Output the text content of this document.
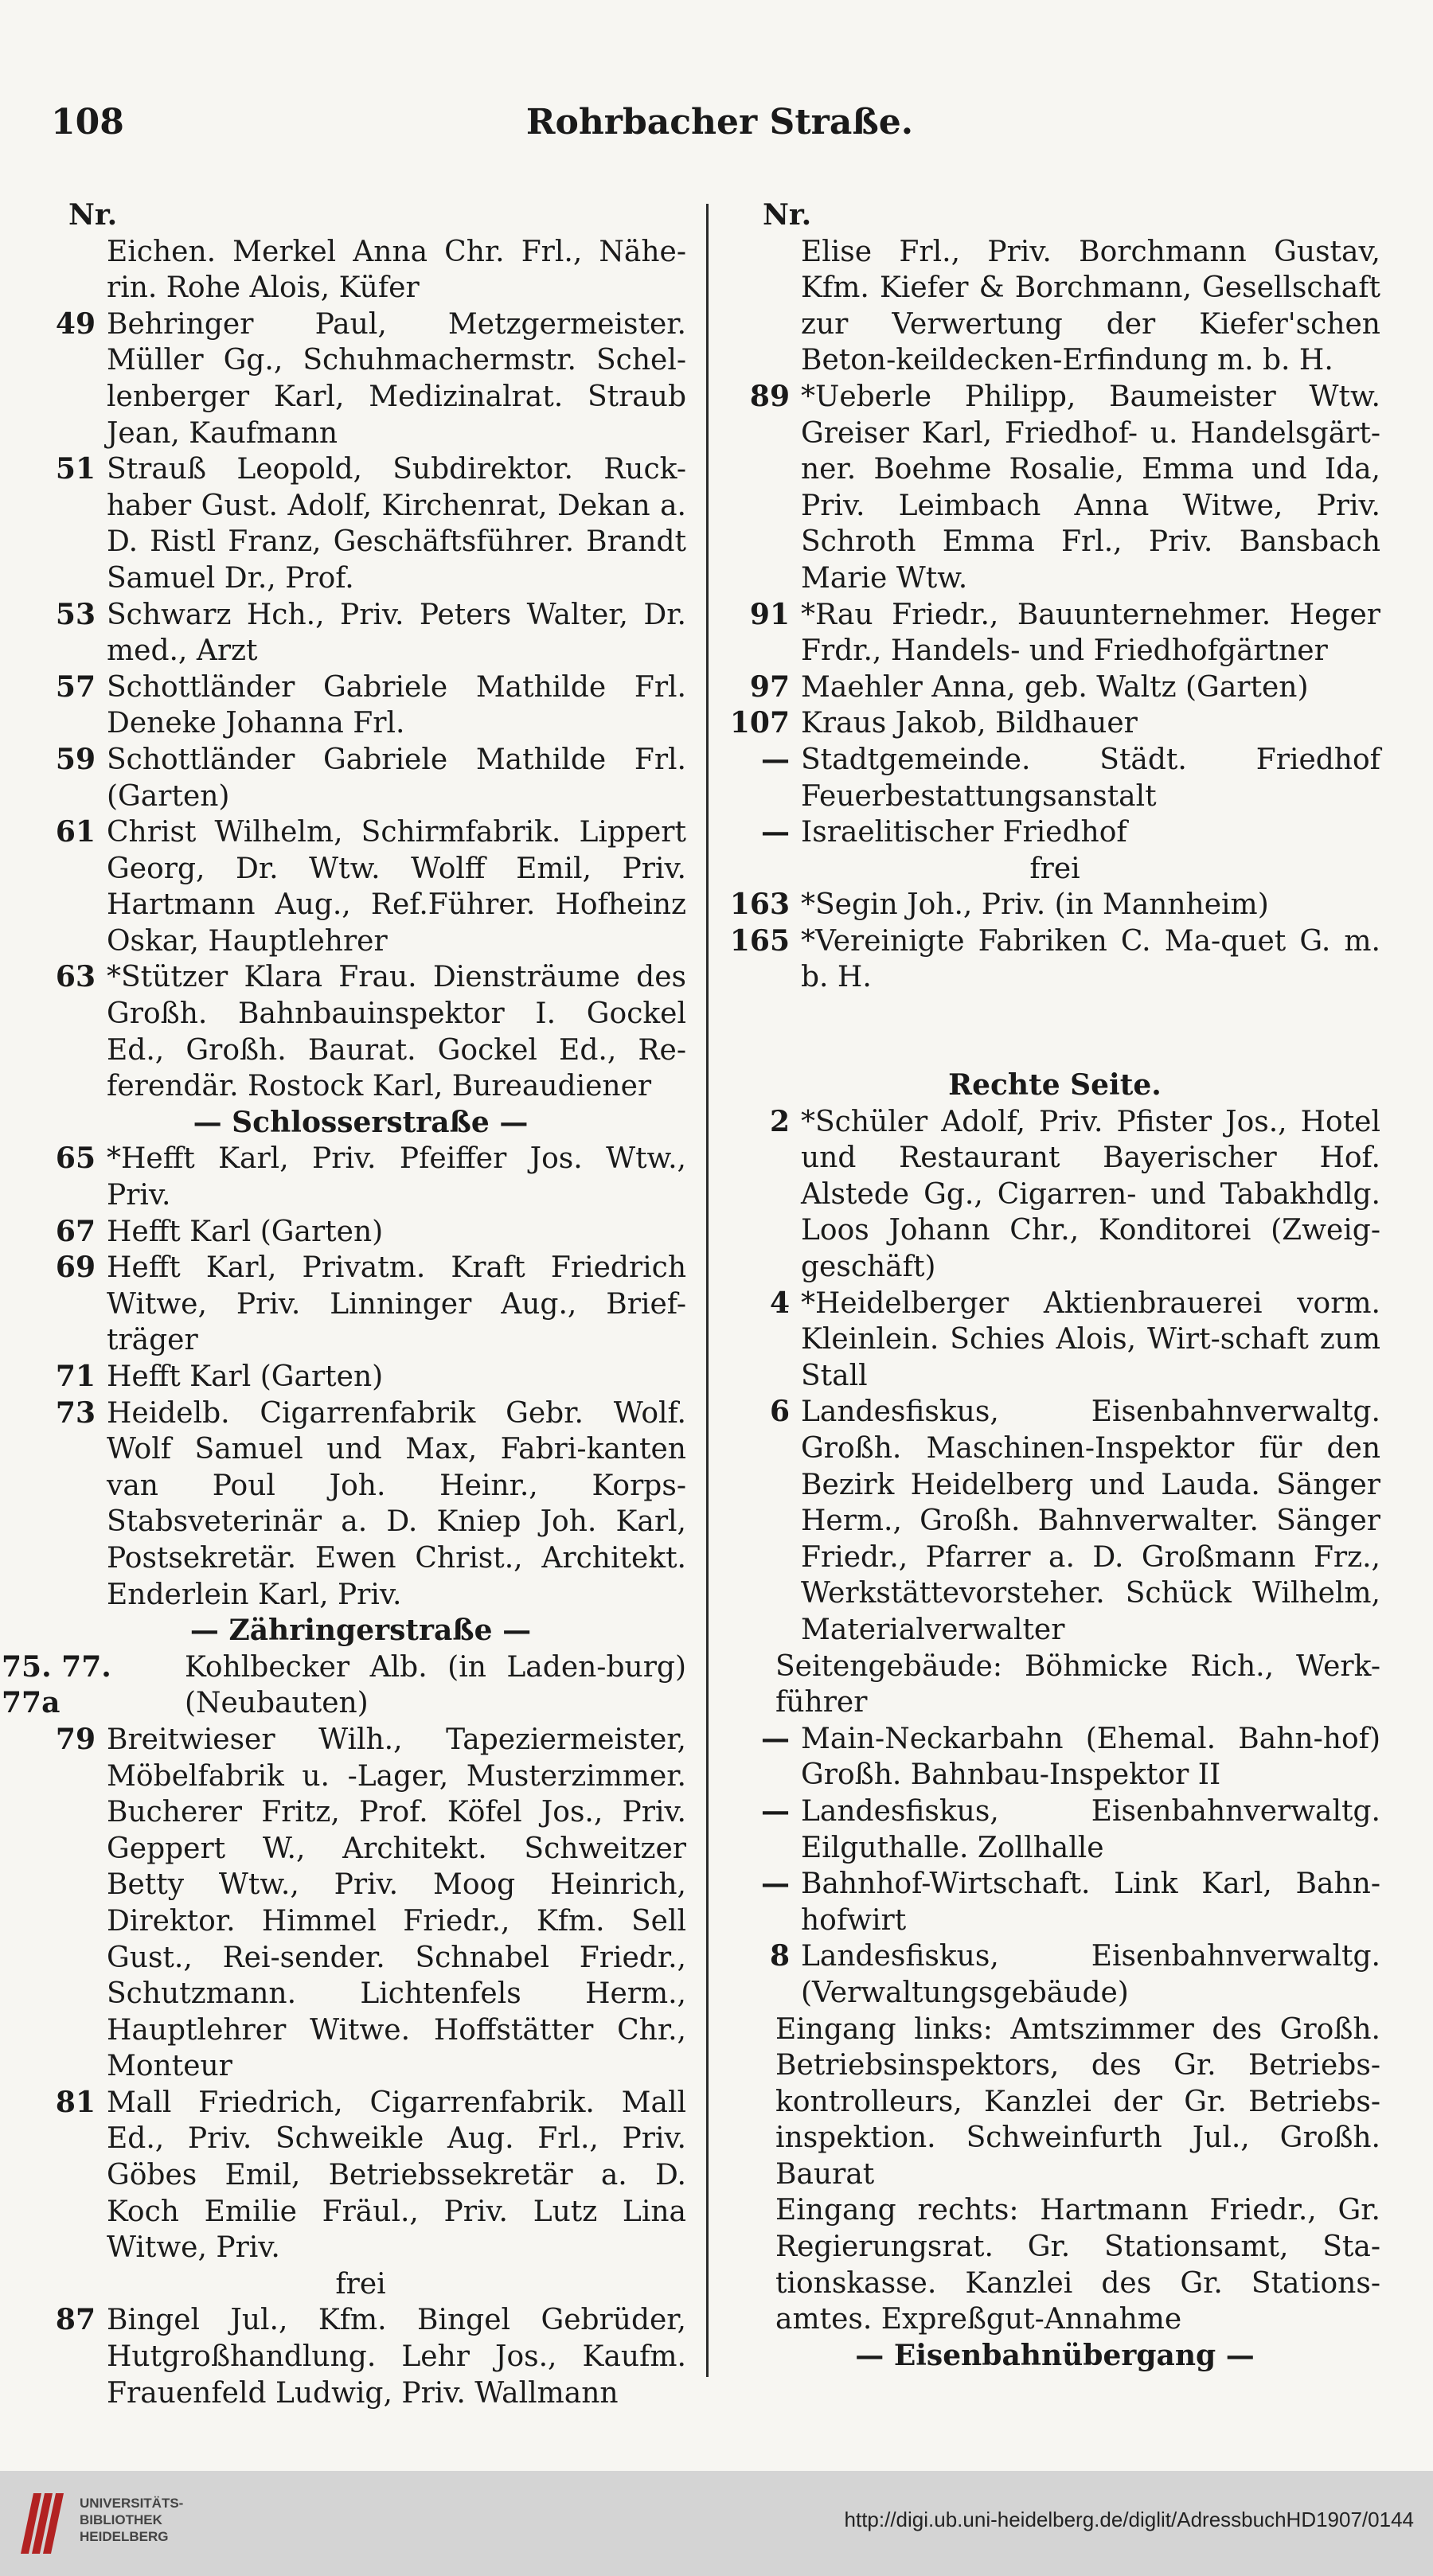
108	Rohrbacher Straße.
Nr.
Eichen. Merkel Anna Chr. Frl., Nähe-rin. Rohe Alois, Küfer
49 Behringer Paul, Metzgermeister. Müller Gg., Schuhmachermstr. Schel-lenberger Karl, Medizinalrat. Straub Jean, Kaufmann
51 Strauß Leopold, Subdirektor. Ruck-haber Gust. Adolf, Kirchenrat, Dekan a. D. Ristl Franz, Geschäftsführer. Brandt Samuel Dr., Prof.
53 Schwarz Hch., Priv. Peters Walter, Dr. med., Arzt
57 Schottländer Gabriele Mathilde Frl. Deneke Johanna Frl.
59 Schottländer Gabriele Mathilde Frl. (Garten)
61 Christ Wilhelm, Schirmfabrik. Lippert Georg, Dr. Wtw. Wolff Emil, Priv. Hartmann Aug., Ref.Führer. Hofheinz Oskar, Hauptlehrer
63 *Stützer Klara Frau. Diensträume des Großh. Bahnbauinspektor I. Gockel Ed., Großh. Baurat. Gockel Ed., Re-ferendär. Rostock Karl, Bureaudiener
— Schlosserstraße —
65 *Hefft Karl, Priv. Pfeiffer Jos. Wtw., Priv.
67 Hefft Karl (Garten)
69 Hefft Karl, Privatm. Kraft Friedrich Witwe, Priv. Linninger Aug., Brief-träger
71 Hefft Karl (Garten)
73 Heidelb. Cigarrenfabrik Gebr. Wolf. Wolf Samuel und Max, Fabri-kanten van Poul Joh. Heinr., Korps-Stabsveterinär a. D. Kniep Joh. Karl, Postsekretär. Ewen Christ., Architekt. Enderlein Karl, Priv.
— Zähringerstraße —
75. 77. 77a
Kohlbecker Alb. (in Laden-burg) (Neubauten)
79 Breitwieser Wilh., Tapeziermeister, Möbelfabrik u. -Lager, Musterzimmer. Bucherer Fritz, Prof. Köfel Jos., Priv. Geppert W., Architekt. Schweitzer Betty Wtw., Priv. Moog Heinrich, Direktor. Himmel Friedr., Kfm. Sell Gust., Rei-sender. Schnabel Friedr., Schutzmann. Lichtenfels Herm., Hauptlehrer Witwe. Hoffstätter Chr., Monteur
81 Mall Friedrich, Cigarrenfabrik. Mall Ed., Priv. Schweikle Aug. Frl., Priv. Göbes Emil, Betriebssekretär a. D. Koch Emilie Fräul., Priv. Lutz Lina Witwe, Priv.
frei
87 Bingel Jul., Kfm. Bingel Gebrüder, Hutgroßhandlung. Lehr Jos., Kaufm. Frauenfeld Ludwig, Priv. Wallmann
Nr.
Elise Frl., Priv. Borchmann Gustav, Kfm. Kiefer & Borchmann, Gesellschaft zur Verwertung der Kiefer'schen Beton-keildecken-Erfindung m. b. H.
89 *Ueberle Philipp, Baumeister Wtw. Greiser Karl, Friedhof- u. Handelsgärt-ner. Boehme Rosalie, Emma und Ida, Priv. Leimbach Anna Witwe, Priv. Schroth Emma Frl., Priv. Bansbach Marie Wtw.
91 *Rau Friedr., Bauunternehmer. Heger Frdr., Handels- und Friedhofgärtner
97 Maehler Anna, geb. Waltz (Garten)
107 Kraus Jakob, Bildhauer
— Stadtgemeinde. Städt. Friedhof Feuerbestattungsanstalt
— Israelitischer Friedhof
frei
163 *Segin Joh., Priv. (in Mannheim)
165 *Vereinigte Fabriken C. Ma-quet G. m. b. H.
Rechte Seite.
2 *Schüler Adolf, Priv. Pfister Jos., Hotel und Restaurant Bayerischer Hof. Alstede Gg., Cigarren- und Tabakhdlg. Loos Johann Chr., Konditorei (Zweig-geschäft)
4 *Heidelberger Aktienbrauerei vorm. Kleinlein. Schies Alois, Wirt-schaft zum Stall
6 Landesfiskus, Eisenbahnverwaltg. Großh. Maschinen-Inspektor für den Bezirk Heidelberg und Lauda. Sänger Herm., Großh. Bahnverwalter. Sänger Friedr., Pfarrer a. D. Großmann Frz., Werkstättevorsteher. Schück Wilhelm, Materialverwalter
Seitengebäude: Böhmicke Rich., Werk-führer
— Main-Neckarbahn (Ehemal. Bahn-hof) Großh. Bahnbau-Inspektor II
— Landesfiskus, Eisenbahnverwaltg. Eilguthalle. Zollhalle
— Bahnhof-Wirtschaft. Link Karl, Bahn-hofwirt
8 Landesfiskus, Eisenbahnverwaltg. (Verwaltungsgebäude)
Eingang links: Amtszimmer des Großh. Betriebsinspektors, des Gr. Betriebs-kontrolleurs, Kanzlei der Gr. Betriebs-inspektion. Schweinfurth Jul., Großh. Baurat
Eingang rechts: Hartmann Friedr., Gr. Regierungsrat. Gr. Stationsamt, Sta-tionskasse. Kanzlei des Gr. Stations-amtes. Expreßgut-Annahme
— Eisenbahnübergang —
UNIVERSITÄTS-
BIBLIOTHEK
HEIDELBERG
http://digi.ub.uni-heidelberg.de/diglit/AdressbuchHD1907/0144
